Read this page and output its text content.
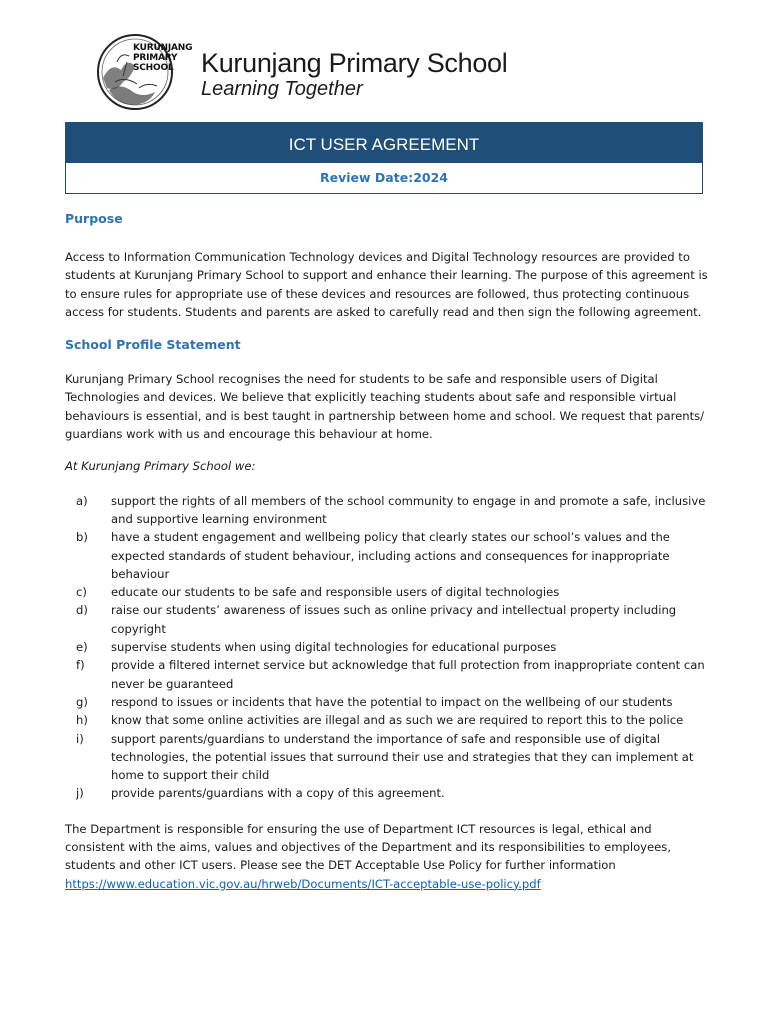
KURUNJANG
PRIMARY
SCHOOL	Kurunjang Primary School
Learning Together
ICT USER AGREEMENT
Review Date:2024
Purpose

Access to Information Communication Technology devices and Digital Technology resources are provided to students at Kurunjang Primary School to support and enhance their learning. The purpose of this agreement is to ensure rules for appropriate use of these devices and resources are followed, thus protecting continuous access for students. Students and parents are asked to carefully read and then sign the following agreement.

School Profile Statement

Kurunjang Primary School recognises the need for students to be safe and responsible users of Digital Technologies and devices. We believe that explicitly teaching students about safe and responsible virtual behaviours is essential, and is best taught in partnership between home and school. We request that parents/ guardians work with us and encourage this behaviour at home.

At Kurunjang Primary School we:

a) support the rights of all members of the school community to engage in and promote a safe, inclusive and supportive learning environment
b) have a student engagement and wellbeing policy that clearly states our school’s values and the expected standards of student behaviour, including actions and consequences for inappropriate behaviour
c) educate our students to be safe and responsible users of digital technologies
d) raise our students’ awareness of issues such as online privacy and intellectual property including copyright
e) supervise students when using digital technologies for educational purposes
f) provide a filtered internet service but acknowledge that full protection from inappropriate content can never be guaranteed
g) respond to issues or incidents that have the potential to impact on the wellbeing of our students
h) know that some online activities are illegal and as such we are required to report this to the police
i) support parents/guardians to understand the importance of safe and responsible use of digital technologies, the potential issues that surround their use and strategies that they can implement at home to support their child
j) provide parents/guardians with a copy of this agreement.

The Department is responsible for ensuring the use of Department ICT resources is legal, ethical and consistent with the aims, values and objectives of the Department and its responsibilities to employees, students and other ICT users. Please see the DET Acceptable Use Policy for further information
https://www.education.vic.gov.au/hrweb/Documents/ICT-acceptable-use-policy.pdf
